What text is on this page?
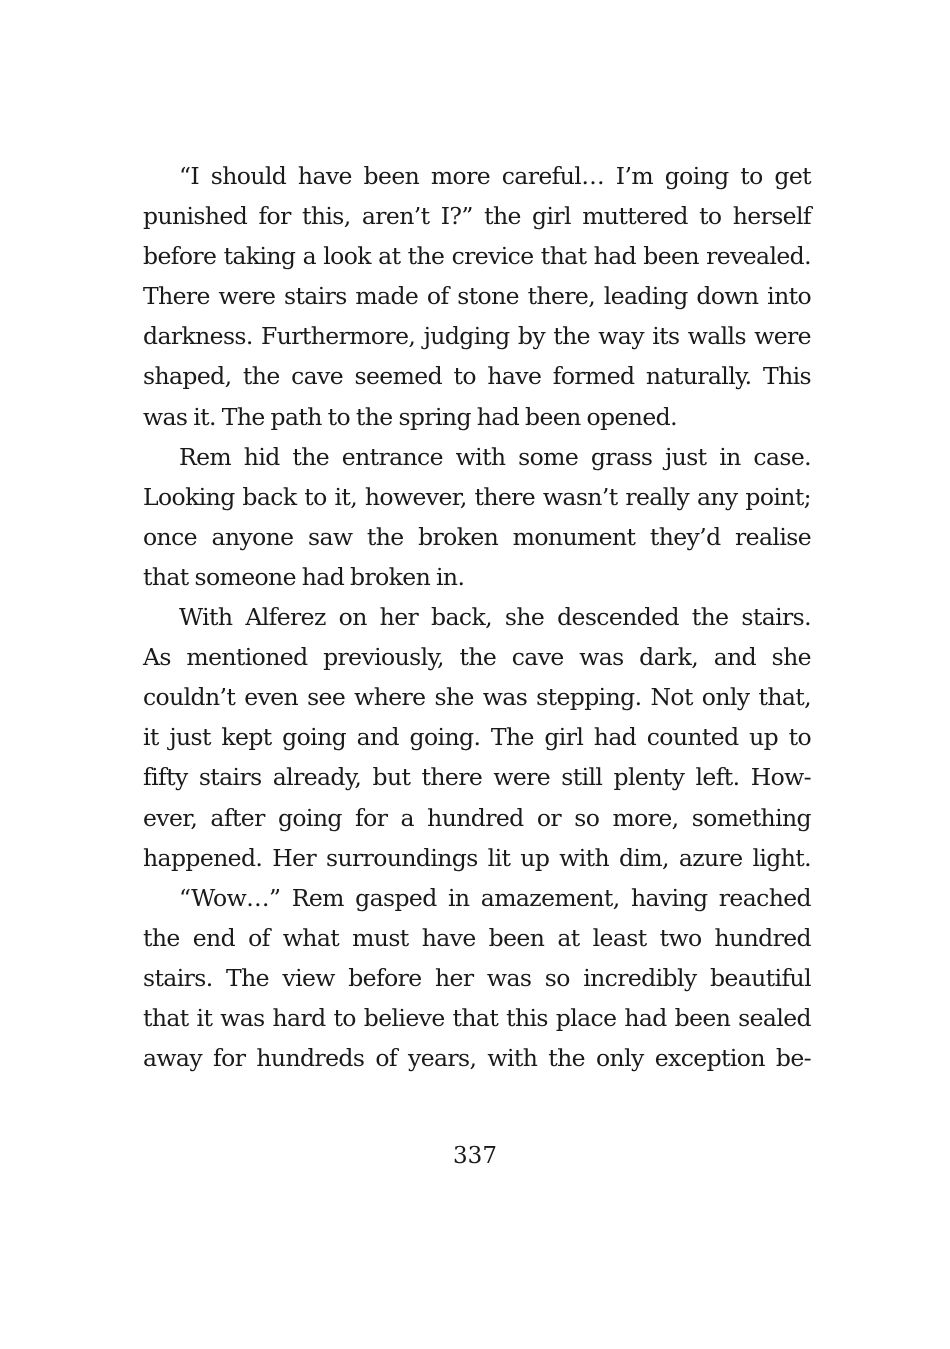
“I should have been more careful… I’m going to get
punished for this, aren’t I?” the girl muttered to herself
before taking a look at the crevice that had been revealed.
There were stairs made of stone there, leading down into
darkness. Furthermore, judging by the way its walls were
shaped, the cave seemed to have formed naturally. This
was it. The path to the spring had been opened.
Rem hid the entrance with some grass just in case.
Looking back to it, however, there wasn’t really any point;
once anyone saw the broken monument they’d realise
that someone had broken in.
With Alferez on her back, she descended the stairs.
As mentioned previously, the cave was dark, and she
couldn’t even see where she was stepping. Not only that,
it just kept going and going. The girl had counted up to
fifty stairs already, but there were still plenty left. How-
ever, after going for a hundred or so more, something
happened. Her surroundings lit up with dim, azure light.
“Wow…” Rem gasped in amazement, having reached
the end of what must have been at least two hundred
stairs. The view before her was so incredibly beautiful
that it was hard to believe that this place had been sealed
away for hundreds of years, with the only exception be-
337
